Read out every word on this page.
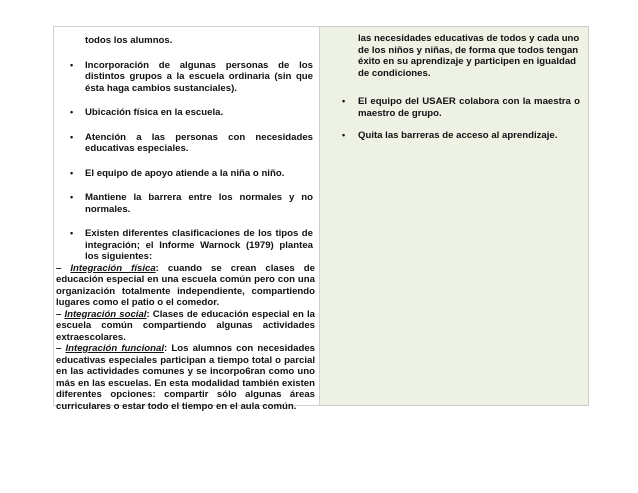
todos los alumnos.
• Incorporación de algunas personas de los distintos grupos a la escuela ordinaria (sin que ésta haga cambios sustanciales).
• Ubicación física en la escuela.
• Atención a las personas con necesidades educativas especiales.
• El equipo de apoyo atiende a la niña o niño.
• Mantiene la barrera entre los normales y no normales.
• Existen diferentes clasificaciones de los tipos de integración; el Informe Warnock (1979) plantea los siguientes:
– Integración física: cuando se crean clases de educación especial en una escuela común pero con una organización totalmente independiente, compartiendo lugares como el patio o el comedor.
– Integración social: Clases de educación especial en la escuela común compartiendo algunas actividades extraescolares.
– Integración funcional: Los alumnos con necesidades educativas especiales participan a tiempo total o parcial en las actividades comunes y se incorpo6ran como uno más en las escuelas. En esta modalidad también existen diferentes opciones: compartir sólo algunas áreas curriculares o estar todo el tiempo en el aula común.
las necesidades educativas de todos y cada uno de los niños y niñas, de forma que todos tengan éxito en su aprendizaje y participen en igualdad de condiciones.
• El equipo del USAER colabora con la maestra o maestro de grupo.
• Quita las barreras de acceso al aprendizaje.
